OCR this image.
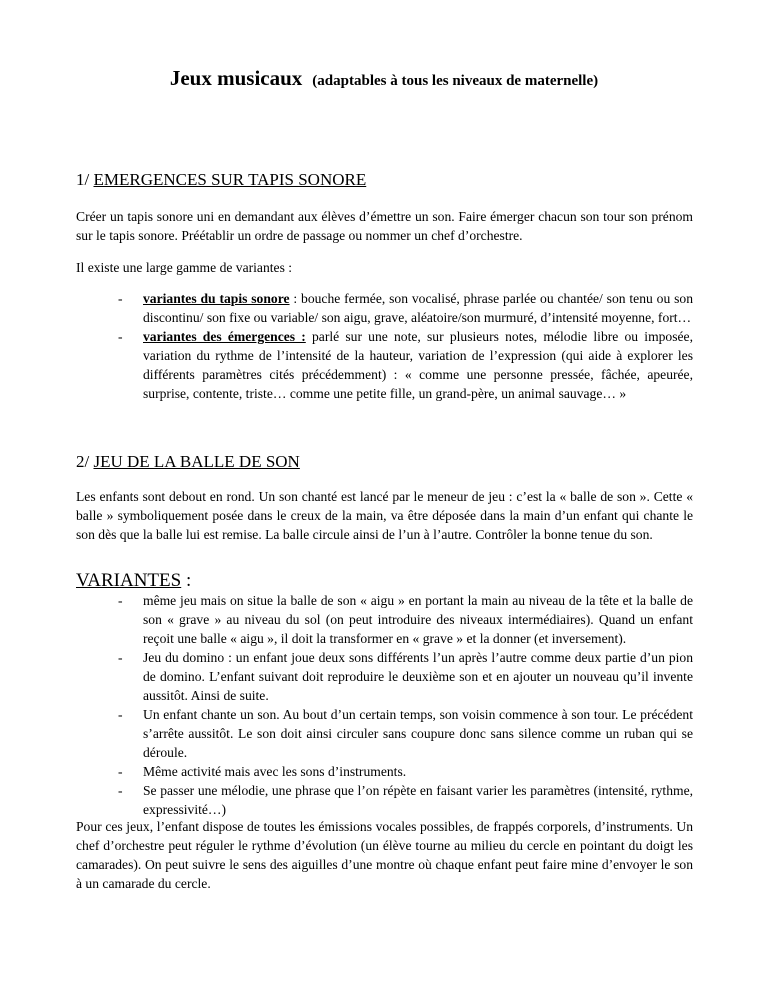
Jeux musicaux (adaptables à tous les niveaux de maternelle)
1/ EMERGENCES SUR TAPIS SONORE

Créer un tapis sonore uni en demandant aux élèves d’émettre un son. Faire émerger chacun son tour son prénom sur le tapis sonore. Préétablir un ordre de passage ou nommer un chef d’orchestre.

Il existe une large gamme de variantes :

- variantes du tapis sonore : bouche fermée, son vocalisé, phrase parlée ou chantée/ son tenu ou son discontinu/ son fixe ou variable/ son aigu, grave, aléatoire/son murmuré, d’intensité moyenne, fort…
- variantes des émergences : parlé sur une note, sur plusieurs notes, mélodie libre ou imposée, variation du rythme de l’intensité de la hauteur, variation de l’expression (qui aide à explorer les différents paramètres cités précédemment) : « comme une personne pressée, fâchée, apeurée, surprise, contente, triste… comme une petite fille, un grand-père, un animal sauvage… »
2/ JEU DE LA BALLE DE SON

Les enfants sont debout en rond. Un son chanté est lancé par le meneur de jeu : c’est la « balle de son ». Cette « balle » symboliquement posée dans le creux de la main, va être déposée dans la main d’un enfant qui chante le son dès que la balle lui est remise. La balle circule ainsi de l’un à l’autre. Contrôler la bonne tenue du son.

VARIANTES :
- même jeu mais on situe la balle de son « aigu » en portant la main au niveau de la tête et la balle de son « grave » au niveau du sol (on peut introduire des niveaux intermédiaires). Quand un enfant reçoit une balle « aigu », il doit la transformer en « grave » et la donner (et inversement).
- Jeu du domino : un enfant joue deux sons différents l’un après l’autre comme deux partie d’un pion de domino. L’enfant suivant doit reproduire le deuxième son et en ajouter un nouveau qu’il invente aussitôt. Ainsi de suite.
- Un enfant chante un son. Au bout d’un certain temps, son voisin commence à son tour. Le précédent s’arrête aussitôt. Le son doit ainsi circuler sans coupure donc sans silence comme un ruban qui se déroule.
- Même activité mais avec les sons d’instruments.
- Se passer une mélodie, une phrase que l’on répète en faisant varier les paramètres (intensité, rythme, expressivité…)

Pour ces jeux, l’enfant dispose de toutes les émissions vocales possibles, de frappés corporels, d’instruments. Un chef d’orchestre peut réguler le rythme d’évolution (un élève tourne au milieu du cercle en pointant du doigt les camarades). On peut suivre le sens des aiguilles d’une montre où chaque enfant peut faire mine d’envoyer le son à un camarade du cercle.
